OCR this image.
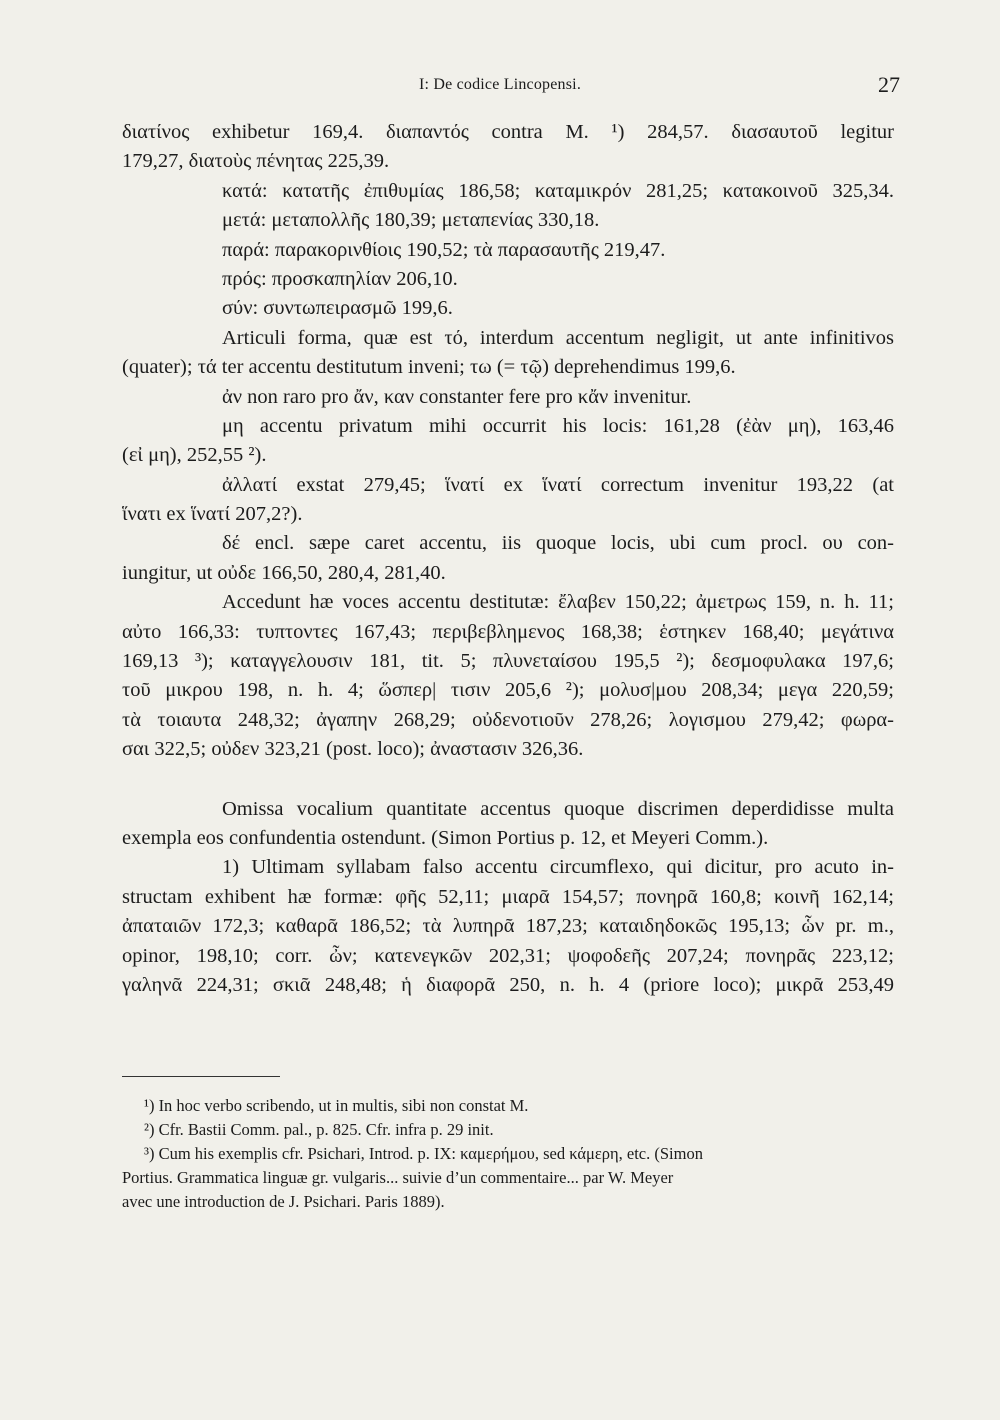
I: De codice Lincopensi.	27
διατίνος exhibetur 169,4. διαπαντός contra M. ¹) 284,57. διασαυτοῦ legitur
179,27, διατοὺς πένητας 225,39.
κατά: κατατῆς ἐπιθυμίας 186,58; καταμικρόν 281,25; κατακοινοῦ 325,34.
μετά: μεταπολλῆς 180,39; μεταπενίας 330,18.
παρά: παρακορινθίοις 190,52; τὰ παρασαυτῆς 219,47.
πρός: προσκαπηλίαν 206,10.
σύν: συντωπειρασμῶ 199,6.
Articuli forma, quæ est τό, interdum accentum negligit, ut ante infinitivos
(quater); τά ter accentu destitutum inveni; τω (= τῷ) deprehendimus 199,6.
ἀν non raro pro ἄν, καν constanter fere pro κἄν invenitur.
μη accentu privatum mihi occurrit his locis: 161,28 (ἐὰν μη), 163,46
(εἰ μη), 252,55 ²).
ἀλλατί exstat 279,45; ἵνατί ex ἵνατί correctum invenitur 193,22 (at
ἵνατι ex ἵνατί 207,2?).
δέ encl. sæpe caret accentu, iis quoque locis, ubi cum procl. ου con-
iungitur, ut οὐδε 166,50, 280,4, 281,40.
Accedunt hæ voces accentu destitutæ: ἔλαβεν 150,22; ἀμετρως 159, n. h. 11;
αὐτο 166,33: τυπτοντες 167,43; περιβεβλημενος 168,38; ἑστηκεν 168,40; μεγάτινα
169,13 ³); καταγγελουσιν 181, tit. 5; πλυνεταίσου 195,5 ²); δεσμοφυλακα 197,6;
τοῦ μικρου 198, n. h. 4; ὥσπερ| τισιν 205,6 ²); μολυσ|μου 208,34; μεγα 220,59;
τὰ τοιαυτα 248,32; ἀγαπην 268,29; οὐδενοτιοῦν 278,26; λογισμου 279,42; φωρα-
σαι 322,5; οὐδεν 323,21 (post. loco); ἀναστασιν 326,36.
Omissa vocalium quantitate accentus quoque discrimen deperdidisse multa
exempla eos confundentia ostendunt. (Simon Portius p. 12, et Meyeri Comm.).
1) Ultimam syllabam falso accentu circumflexo, qui dicitur, pro acuto in-
structam exhibent hæ formæ: φῆς 52,11; μιαρᾶ 154,57; πονηρᾶ 160,8; κοινῆ 162,14;
ἀπαταιῶν 172,3; καθαρᾶ 186,52; τὰ λυπηρᾶ 187,23; καταιδηδοκῶς 195,13; ὧν pr. m.,
opinor, 198,10; corr. ὦν; κατενεγκῶν 202,31; ψοφοδεῆς 207,24; πονηρᾶς 223,12;
γαληνᾶ 224,31; σκιᾶ 248,48; ἡ διαφορᾶ 250, n. h. 4 (priore loco); μικρᾶ 253,49
¹) In hoc verbo scribendo, ut in multis, sibi non constat M.
²) Cfr. Bastii Comm. pal., p. 825. Cfr. infra p. 29 init.
³) Cum his exemplis cfr. Psichari, Introd. p. IX: καμερήμου, sed κάμερη, etc. (Simon
Portius. Grammatica linguæ gr. vulgaris... suivie d’un commentaire... par W. Meyer
avec une introduction de J. Psichari. Paris 1889).
